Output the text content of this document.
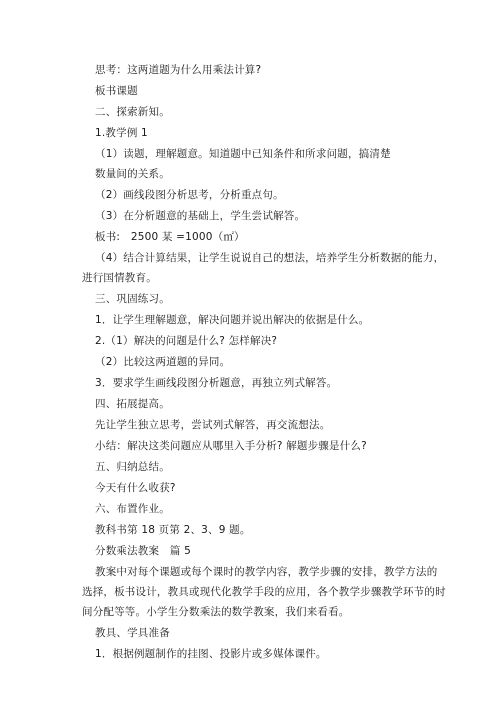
思考：这两道题为什么用乘法计算?
板书课题
二、探索新知。
1.教学例 1
（1）读题，理解题意。知道题中已知条件和所求问题，搞清楚
数量间的关系。
（2）画线段图分析思考，分析重点句。
（3）在分析题意的基础上，学生尝试解答。
板书:　2500 某 =1000（㎡）
（4）结合计算结果，让学生说说自己的想法，培养学生分析数据的能力，
进行国情教育。
三、巩固练习。
1．让学生理解题意，解决问题并说出解决的依据是什么。
2.（1）解决的问题是什么? 怎样解决?
（2）比较这两道题的异同。
3．要求学生画线段图分析题意，再独立列式解答。
四、拓展提高。
先让学生独立思考，尝试列式解答，再交流想法。
小结：解决这类问题应从哪里入手分析? 解题步骤是什么?
五、归纳总结。
今天有什么收获?
六、布置作业。
教科书第 18 页第 2、3、9 题。
分数乘法教案　篇 5
教案中对每个课题或每个课时的教学内容，教学步骤的安排，教学方法的
选择，板书设计，教具或现代化教学手段的应用，各个教学步骤教学环节的时
间分配等等。小学生分数乘法的数学教案，我们来看看。
教具、学具准备
1．根据例题制作的挂图、投影片或多媒体课件。
